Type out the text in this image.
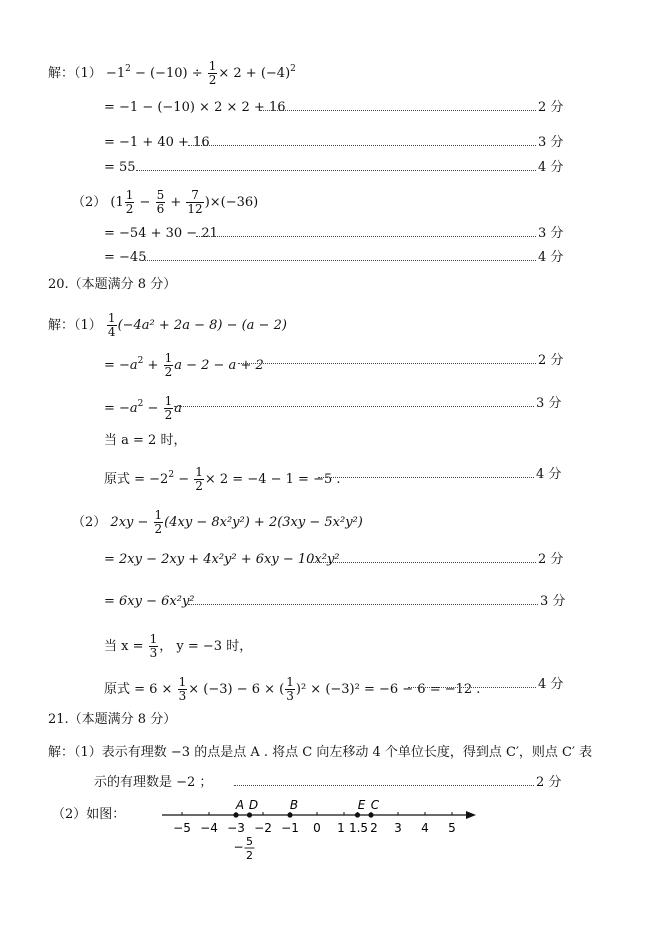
解：$(1) -1^2 - (-10) \div \frac{1}{2} \times 2 + (-4)^2$
= −1 − (−10) × 2 × 2 + 16	2 分
= −1 + 40 + 16	3 分
= 55	4 分
（2） $(1 \frac{1}{2} - \frac{5}{6} + \frac{7}{12} )\times(-36)$
= −54 + 30 − 21	3 分
= −45	4 分
20.（本题满分 8 分）
解：$(1) \frac{1}{4} (-4a^2 + 2a - 8) - (a - 2)$
= $-a^2 + \frac{1}{2}$ a − 2 − a + 2	2 分
= $-a^2 - \frac{1}{2}$ a	3 分
当 a = 2 时，
原式 = $-2^2 - \frac{1}{2} \times 2 = -4 - 1 = -5$ .	4 分
（2） $2xy - \frac{1}{2} (4xy - 8x^2y^2) + 2(3xy - 5x^2y^2)$
= 2xy − 2xy + 4x²y² + 6xy − 10x²y²	2 分
= 6xy − 6x²y²	3 分
当 $x = \frac{1}{3}$ ， y = −3 时，
原式 = $6 \times \frac{1}{3} \times (-3) - 6$ × ( $\frac{1}{3} )^2 \times (-3)^2 = -6 - 6 = -12$ .	4 分
21.（本题满分 8 分）
解：（1）表示有理数 −3 的点是点 A . 将点 C 向左移动 4 个单位长度，得到点 C′，则点 C′ 表
示的有理数是 −2 ；	2 分
（2）如图：
−5 −4 −3 −2 −1 0 1 1.5 2 3 4 5
A D	B	E C
− 5
2
